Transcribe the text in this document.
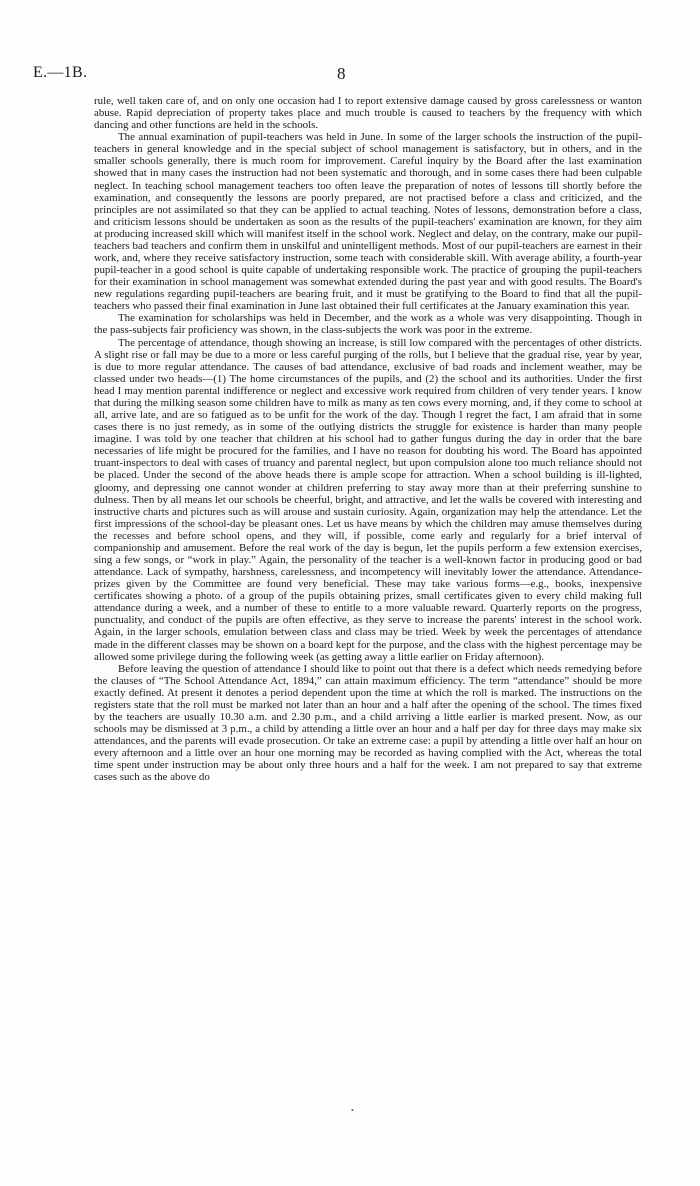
E.—1B.	8

rule, well taken care of, and on only one occasion had I to report extensive damage caused by gross carelessness or wanton abuse. Rapid depreciation of property takes place and much trouble is caused to teachers by the frequency with which dancing and other functions are held in the schools.

The annual examination of pupil-teachers was held in June. In some of the larger schools the instruction of the pupil-teachers in general knowledge and in the special subject of school management is satisfactory, but in others, and in the smaller schools generally, there is much room for improvement. Careful inquiry by the Board after the last examination showed that in many cases the instruction had not been systematic and thorough, and in some cases there had been culpable neglect. In teaching school management teachers too often leave the preparation of notes of lessons till shortly before the examination, and consequently the lessons are poorly prepared, are not practised before a class and criticized, and the principles are not assimilated so that they can be applied to actual teaching. Notes of lessons, demonstration before a class, and criticism lessons should be undertaken as soon as the results of the pupil-teachers' examination are known, for they aim at producing increased skill which will manifest itself in the school work. Neglect and delay, on the contrary, make our pupil-teachers bad teachers and confirm them in unskilful and unintelligent methods. Most of our pupil-teachers are earnest in their work, and, where they receive satisfactory instruction, some teach with considerable skill. With average ability, a fourth-year pupil-teacher in a good school is quite capable of undertaking responsible work. The practice of grouping the pupil-teachers for their examination in school management was somewhat extended during the past year and with good results. The Board's new regulations regarding pupil-teachers are bearing fruit, and it must be gratifying to the Board to find that all the pupil-teachers who passed their final examination in June last obtained their full certificates at the January examination this year.

The examination for scholarships was held in December, and the work as a whole was very disappointing. Though in the pass-subjects fair proficiency was shown, in the class-subjects the work was poor in the extreme.

The percentage of attendance, though showing an increase, is still low compared with the percentages of other districts. A slight rise or fall may be due to a more or less careful purging of the rolls, but I believe that the gradual rise, year by year, is due to more regular attendance. The causes of bad attendance, exclusive of bad roads and inclement weather, may be classed under two heads—(1) The home circumstances of the pupils, and (2) the school and its authorities. Under the first head I may mention parental indifference or neglect and excessive work required from children of very tender years. I know that during the milking season some children have to milk as many as ten cows every morning, and, if they come to school at all, arrive late, and are so fatigued as to be unfit for the work of the day. Though I regret the fact, I am afraid that in some cases there is no just remedy, as in some of the outlying districts the struggle for existence is harder than many people imagine. I was told by one teacher that children at his school had to gather fungus during the day in order that the bare necessaries of life might be procured for the families, and I have no reason for doubting his word. The Board has appointed truant-inspectors to deal with cases of truancy and parental neglect, but upon compulsion alone too much reliance should not be placed. Under the second of the above heads there is ample scope for attraction. When a school building is ill-lighted, gloomy, and depressing one cannot wonder at children preferring to stay away more than at their preferring sunshine to dulness. Then by all means let our schools be cheerful, bright, and attractive, and let the walls be covered with interesting and instructive charts and pictures such as will arouse and sustain curiosity. Again, organization may help the attendance. Let the first impressions of the school-day be pleasant ones. Let us have means by which the children may amuse themselves during the recesses and before school opens, and they will, if possible, come early and regularly for a brief interval of companionship and amusement. Before the real work of the day is begun, let the pupils perform a few extension exercises, sing a few songs, or “work in play.” Again, the personality of the teacher is a well-known factor in producing good or bad attendance. Lack of sympathy, harshness, carelessness, and incompetency will inevitably lower the attendance. Attendance-prizes given by the Committee are found very beneficial. These may take various forms—e.g., books, inexpensive certificates showing a photo. of a group of the pupils obtaining prizes, small certificates given to every child making full attendance during a week, and a number of these to entitle to a more valuable reward. Quarterly reports on the progress, punctuality, and conduct of the pupils are often effective, as they serve to increase the parents' interest in the school work. Again, in the larger schools, emulation between class and class may be tried. Week by week the percentages of attendance made in the different classes may be shown on a board kept for the purpose, and the class with the highest percentage may be allowed some privilege during the following week (as getting away a little earlier on Friday afternoon).

Before leaving the question of attendance I should like to point out that there is a defect which needs remedying before the clauses of “The School Attendance Act, 1894,” can attain maximum efficiency. The term “attendance” should be more exactly defined. At present it denotes a period dependent upon the time at which the roll is marked. The instructions on the registers state that the roll must be marked not later than an hour and a half after the opening of the school. The times fixed by the teachers are usually 10.30 a.m. and 2.30 p.m., and a child arriving a little earlier is marked present. Now, as our schools may be dismissed at 3 p.m., a child by attending a little over an hour and a half per day for three days may make six attendances, and the parents will evade prosecution. Or take an extreme case: a pupil by attending a little over half an hour on every afternoon and a little over an hour one morning may be recorded as having complied with the Act, whereas the total time spent under instruction may be about only three hours and a half for the week. I am not prepared to say that extreme cases such as the above do

•
